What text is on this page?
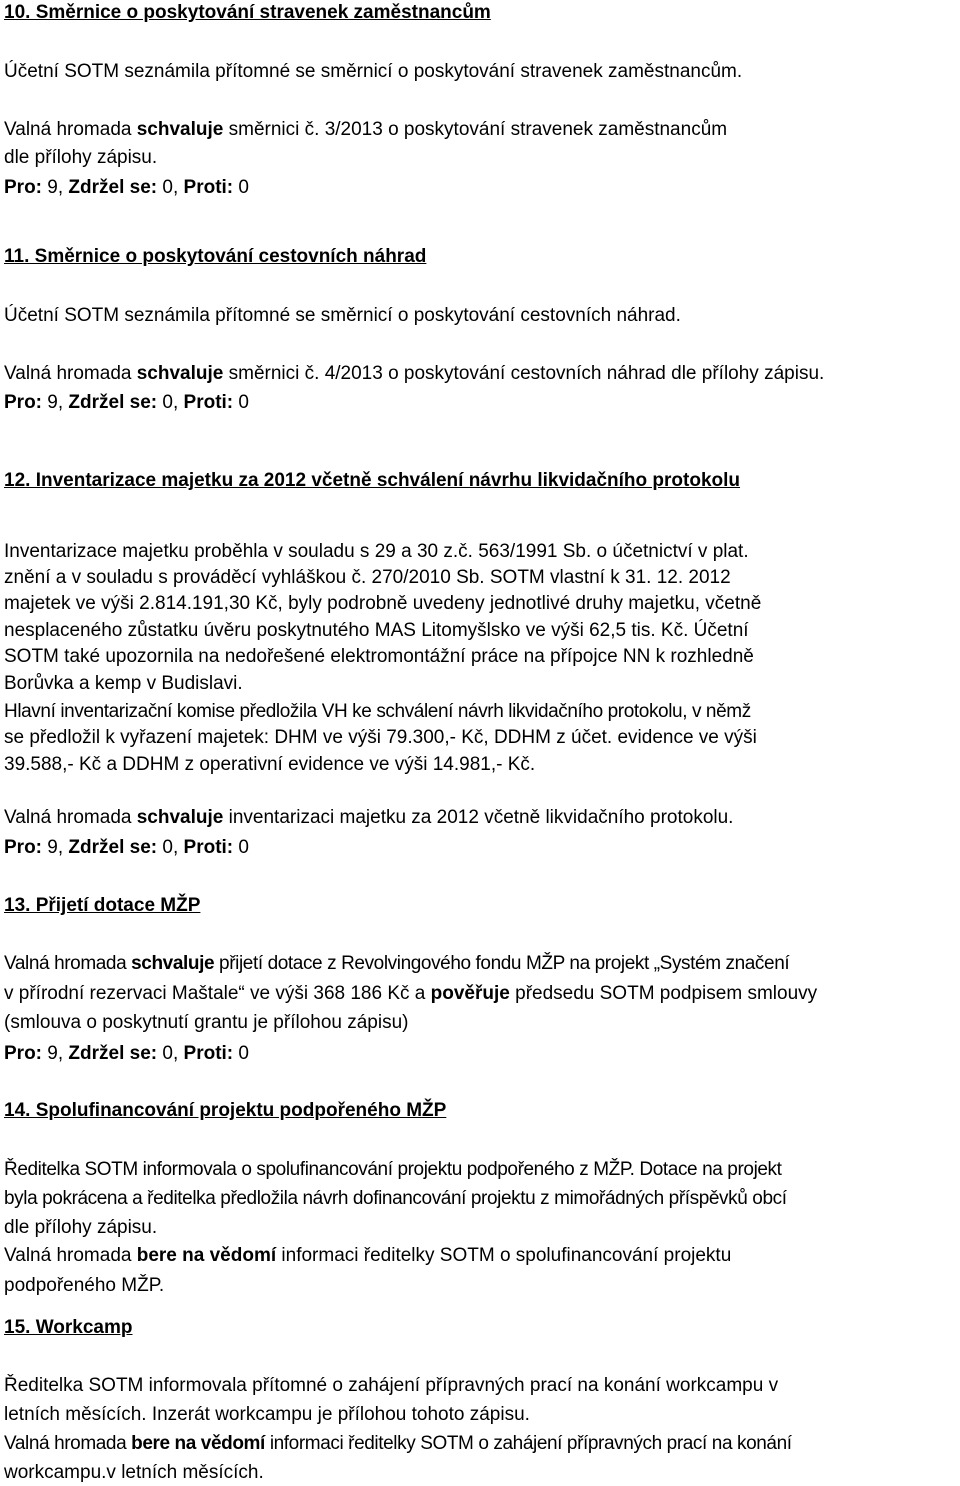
10. Směrnice o poskytování stravenek zaměstnancům

Účetní SOTM seznámila přítomné se směrnicí o poskytování stravenek zaměstnancům.

Valná hromada schvaluje směrnici č. 3/2013 o poskytování stravenek zaměstnancům

dle přílohy zápisu.

Pro: 9, Zdržel se: 0, Proti: 0

11. Směrnice o poskytování cestovních náhrad

Účetní SOTM seznámila přítomné se směrnicí o poskytování cestovních náhrad.

Valná hromada schvaluje směrnici č. 4/2013 o poskytování cestovních náhrad dle přílohy zápisu.

Pro: 9, Zdržel se: 0, Proti: 0

12. Inventarizace majetku za 2012 včetně schválení návrhu likvidačního protokolu

Inventarizace majetku proběhla v souladu s 29 a 30 z.č. 563/1991 Sb. o účetnictví v plat.

znění a v souladu s prováděcí vyhláškou č. 270/2010 Sb. SOTM vlastní k 31. 12. 2012

majetek ve výši 2.814.191,30 Kč, byly podrobně uvedeny jednotlivé druhy majetku, včetně

nesplaceného zůstatku úvěru poskytnutého MAS Litomyšlsko ve výši 62,5 tis. Kč. Účetní

SOTM také upozornila na nedořešené elektromontážní práce na přípojce NN k rozhledně

Borůvka a kemp v Budislavi.

Hlavní inventarizační komise předložila VH ke schválení návrh likvidačního protokolu, v němž

se předložil k vyřazení majetek: DHM ve výši 79.300,- Kč, DDHM z účet. evidence ve výši

39.588,- Kč a DDHM z operativní evidence ve výši 14.981,- Kč.

Valná hromada schvaluje inventarizaci majetku za 2012 včetně likvidačního protokolu.

Pro: 9, Zdržel se: 0, Proti: 0

13. Přijetí dotace MŽP

Valná hromada schvaluje přijetí dotace z Revolvingového fondu MŽP na projekt „Systém značení

v přírodní rezervaci Maštale“ ve výši 368 186 Kč a pověřuje předsedu SOTM podpisem smlouvy

(smlouva o poskytnutí grantu je přílohou zápisu)

Pro: 9, Zdržel se: 0, Proti: 0

14. Spolufinancování projektu podpořeného MŽP

Ředitelka SOTM informovala o spolufinancování projektu podpořeného z MŽP. Dotace na projekt

byla pokrácena a ředitelka předložila návrh dofinancování projektu z mimořádných příspěvků obcí

dle přílohy zápisu.

Valná hromada bere na vědomí informaci ředitelky SOTM o spolufinancování projektu

podpořeného MŽP.

15. Workcamp

Ředitelka SOTM informovala přítomné o zahájení přípravných prací na konání workcampu v

letních měsících. Inzerát workcampu je přílohou tohoto zápisu.

Valná hromada bere na vědomí informaci ředitelky SOTM o zahájení přípravných prací na konání

workcampu.v letních měsících.
